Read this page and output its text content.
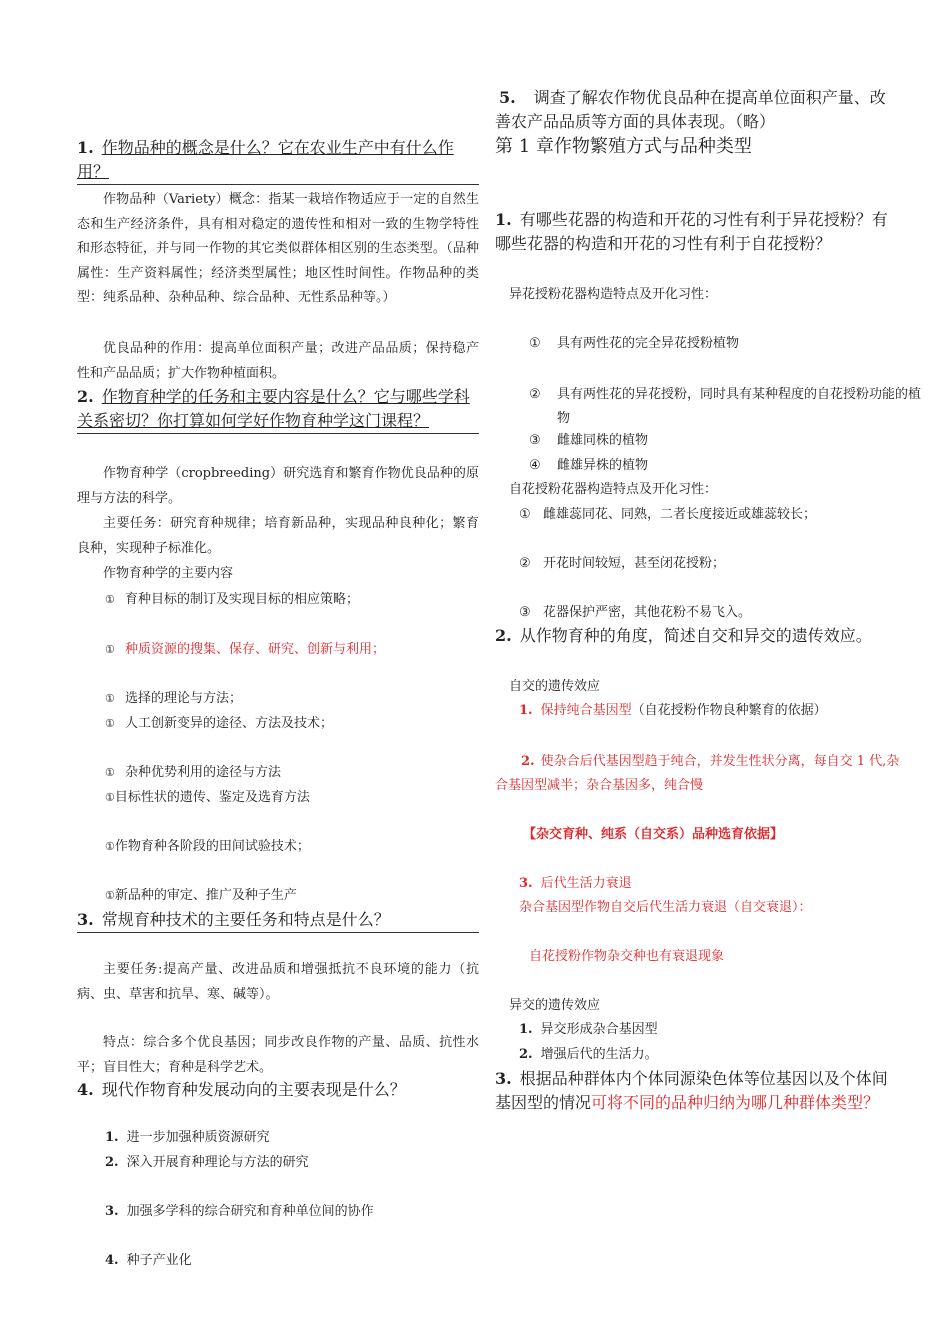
1. 作物品种的概念是什么？它在农业生产中有什么作用？
作物品种（Variety）概念：指某一栽培作物适应于一定的自然生态和生产经济条件，具有相对稳定的遗传性和相对一致的生物学特性和形态特征，并与同一作物的其它类似群体相区别的生态类型。（品种属性：生产资料属性；经济类型属性；地区性时间性。作物品种的类型：纯系品种、杂种品种、综合品种、无性系品种等。）
优良品种的作用：提高单位面积产量；改进产品品质；保持稳产性和产品品质；扩大作物种植面积。
2. 作物育种学的任务和主要内容是什么？它与哪些学科关系密切？你打算如何学好作物育种学这门课程？
作物育种学（cropbreeding）研究选育和繁育作物优良品种的原理与方法的科学。
主要任务：研究育种规律；培育新品种，实现品种良种化；繁育良种，实现种子标准化。
作物育种学的主要内容
① 育种目标的制订及实现目标的相应策略；
① 种质资源的搜集、保存、研究、创新与利用；
① 选择的理论与方法；
① 人工创新变异的途径、方法及技术；
① 杂种优势利用的途径与方法
①目标性状的遗传、鉴定及选育方法
①作物育种各阶段的田间试验技术；
①新品种的审定、推广及种子生产
3. 常规育种技术的主要任务和特点是什么？
主要任务:提高产量、改进品质和增强抵抗不良环境的能力（抗病、虫、草害和抗旱、寒、碱等）。
特点：综合多个优良基因；同步改良作物的产量、品质、抗性水平；盲目性大；育种是科学艺术。
4. 现代作物育种发展动向的主要表现是什么？
1. 进一步加强种质资源研究
2. 深入开展育种理论与方法的研究
3. 加强多学科的综合研究和育种单位间的协作
4. 种子产业化
5. 调查了解农作物优良品种在提高单位面积产量、改善农产品品质等方面的具体表现。（略）
第 1 章作物繁殖方式与品种类型
1. 有哪些花器的构造和开花的习性有利于异花授粉？有哪些花器的构造和开花的习性有利于自花授粉？
异花授粉花器构造特点及开化习性：
① 具有两性花的完全异花授粉植物
② 具有两性花的异花授粉，同时具有某种程度的自花授粉功能的植物
③ 雌雄同株的植物
④ 雌雄异株的植物
自花授粉花器构造特点及开化习性：
① 雌雄蕊同花、同熟，二者长度接近或雄蕊较长；
② 开花时间较短，甚至闭花授粉；
③ 花器保护严密，其他花粉不易飞入。
2. 从作物育种的角度，简述自交和异交的遗传效应。
自交的遗传效应
1. 保持纯合基因型（自花授粉作物良种繁育的依据）
2. 使杂合后代基因型趋于纯合，并发生性状分离，每自交 1 代,杂合基因型减半；杂合基因多，纯合慢
【杂交育种、纯系（自交系）品种选育依据】
3. 后代生活力衰退
杂合基因型作物自交后代生活力衰退（自交衰退）：
自花授粉作物杂交种也有衰退现象
异交的遗传效应
1. 异交形成杂合基因型
2. 增强后代的生活力。
3. 根据品种群体内个体同源染色体等位基因以及个体间基因型的情况可将不同的品种归纳为哪几种群体类型？
